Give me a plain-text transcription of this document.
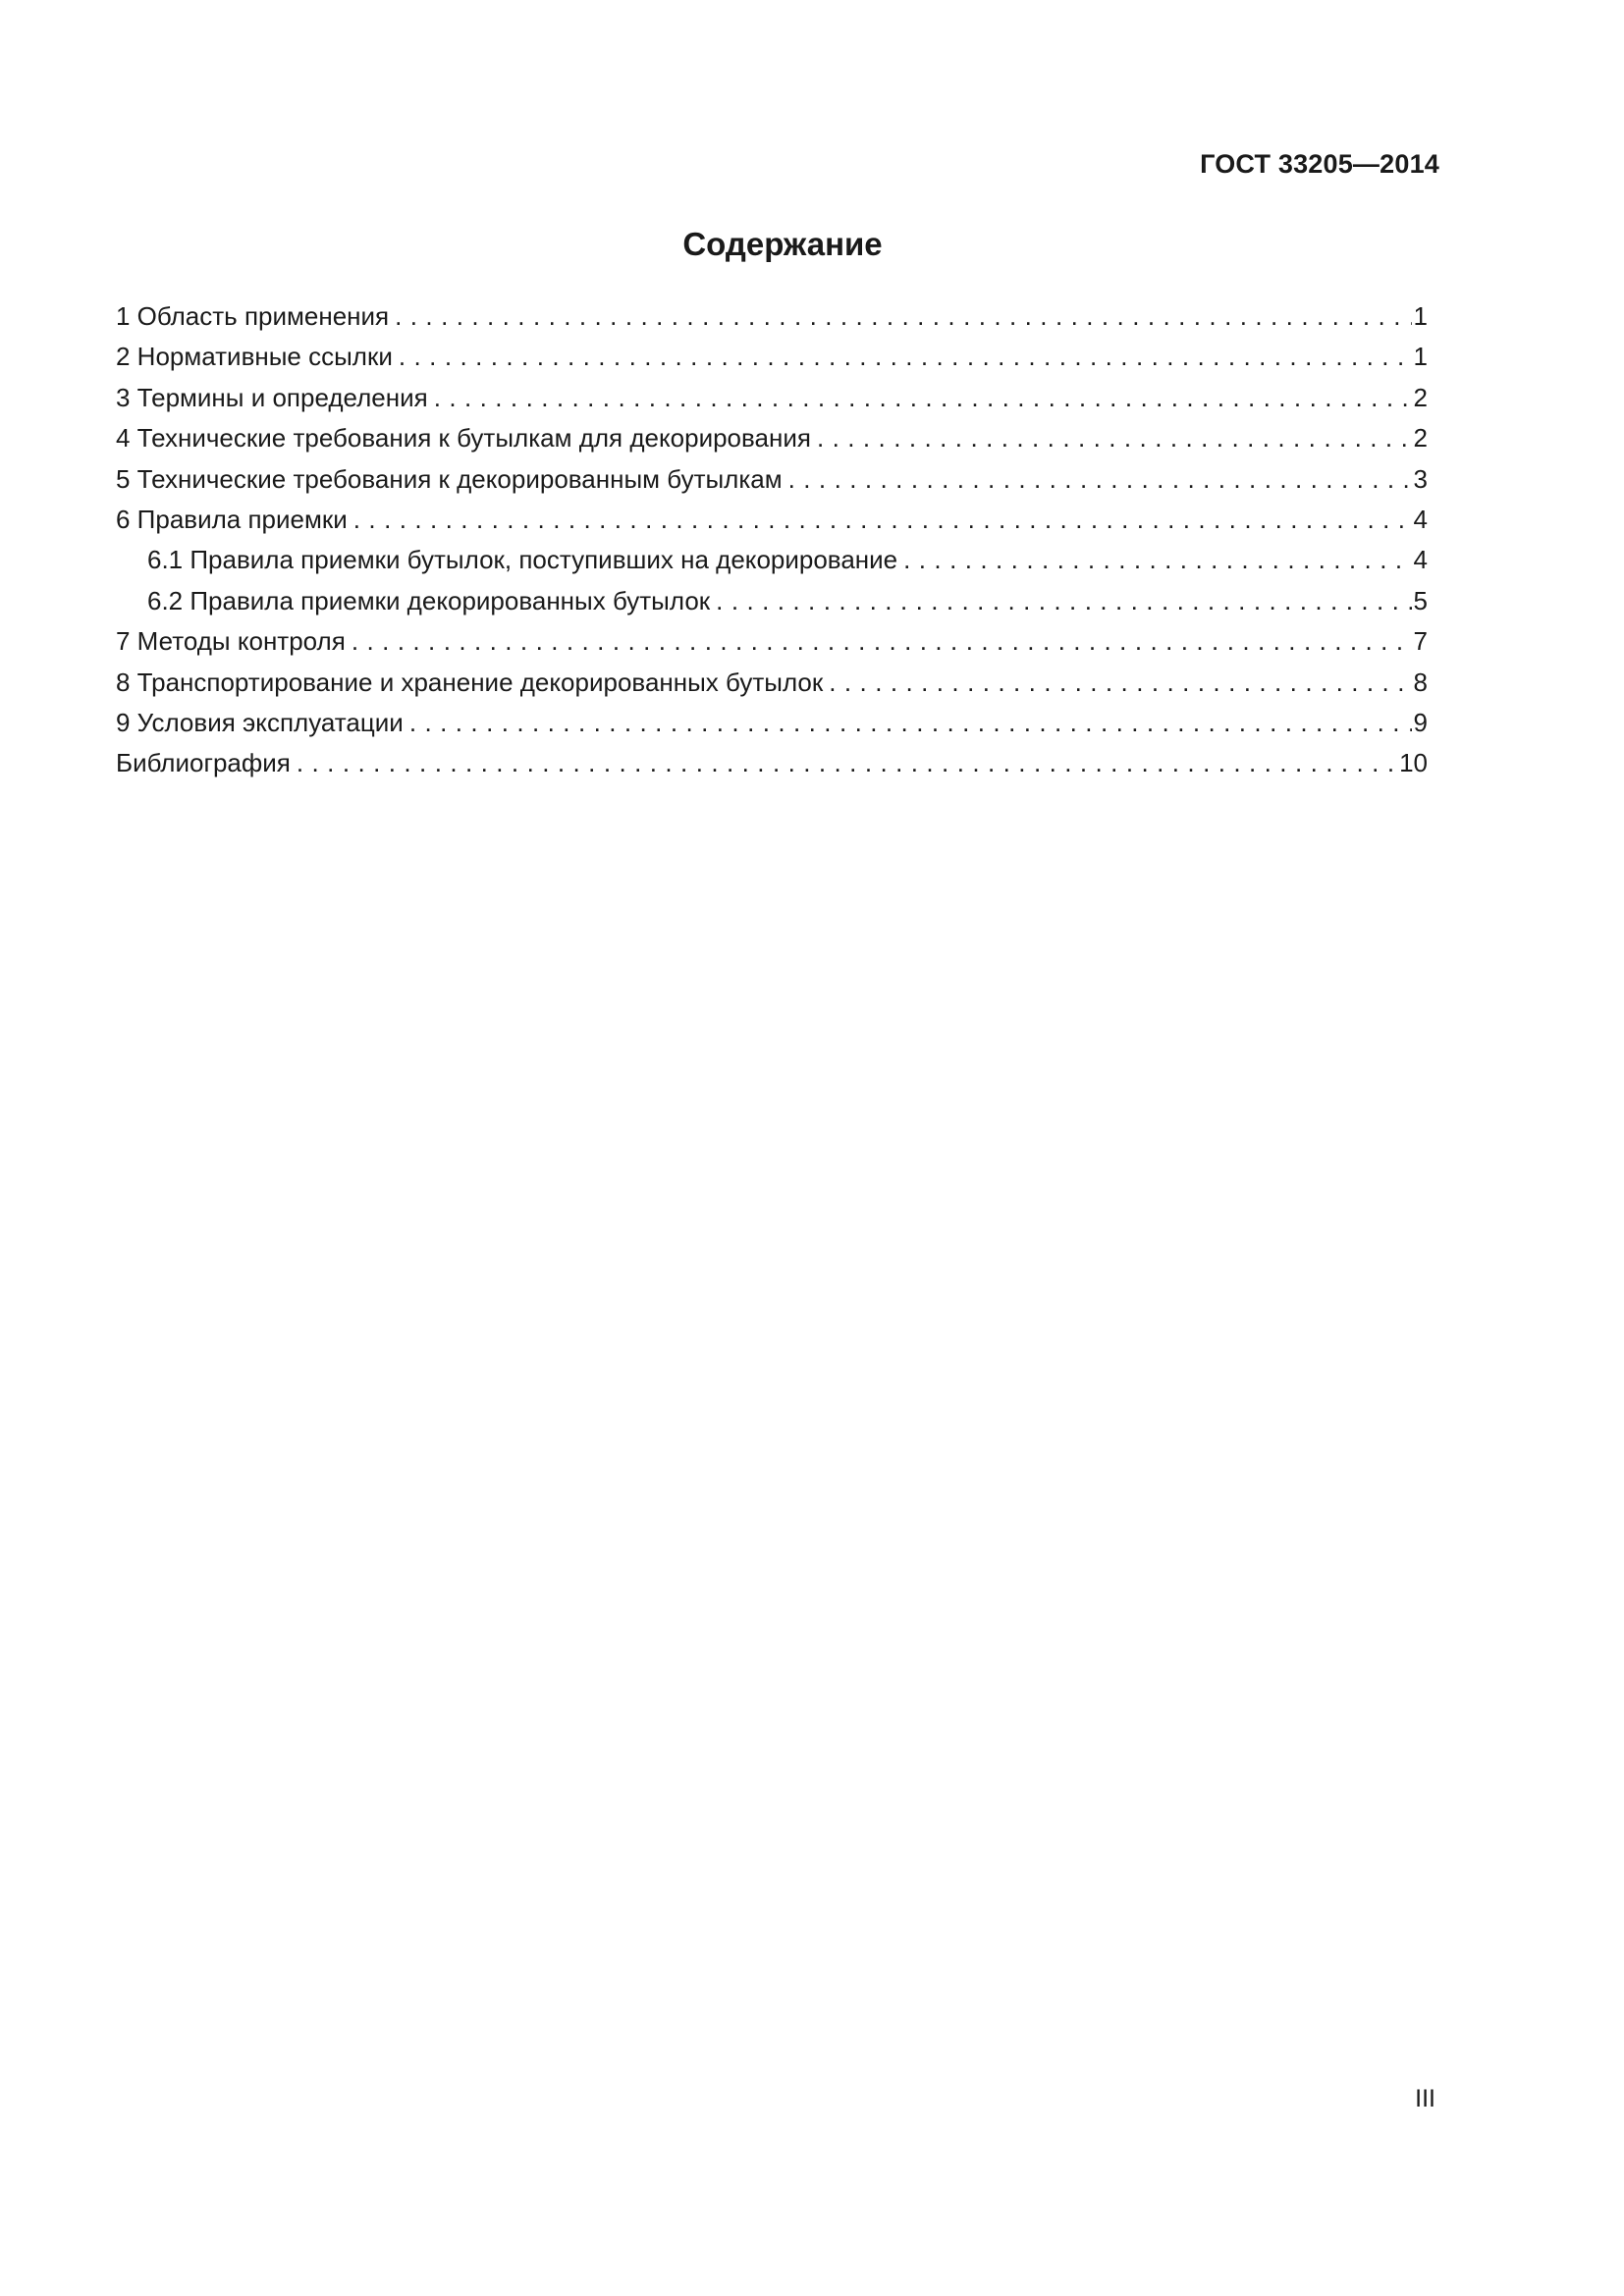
ГОСТ 33205—2014
Содержание
1 Область применения . . .	1
2 Нормативные ссылки . . .	1
3 Термины и определения . . .	2
4 Технические требования к бутылкам для декорирования . . .	2
5 Технические требования к декорированным бутылкам . . .	3
6 Правила приемки . . .	4
6.1 Правила приемки бутылок, поступивших на декорирование . . .	4
6.2 Правила приемки декорированных бутылок . . .	5
7 Методы контроля . . .	7
8 Транспортирование и хранение декорированных бутылок . . .	8
9 Условия эксплуатации . . .	9
Библиография . . .	10
III
